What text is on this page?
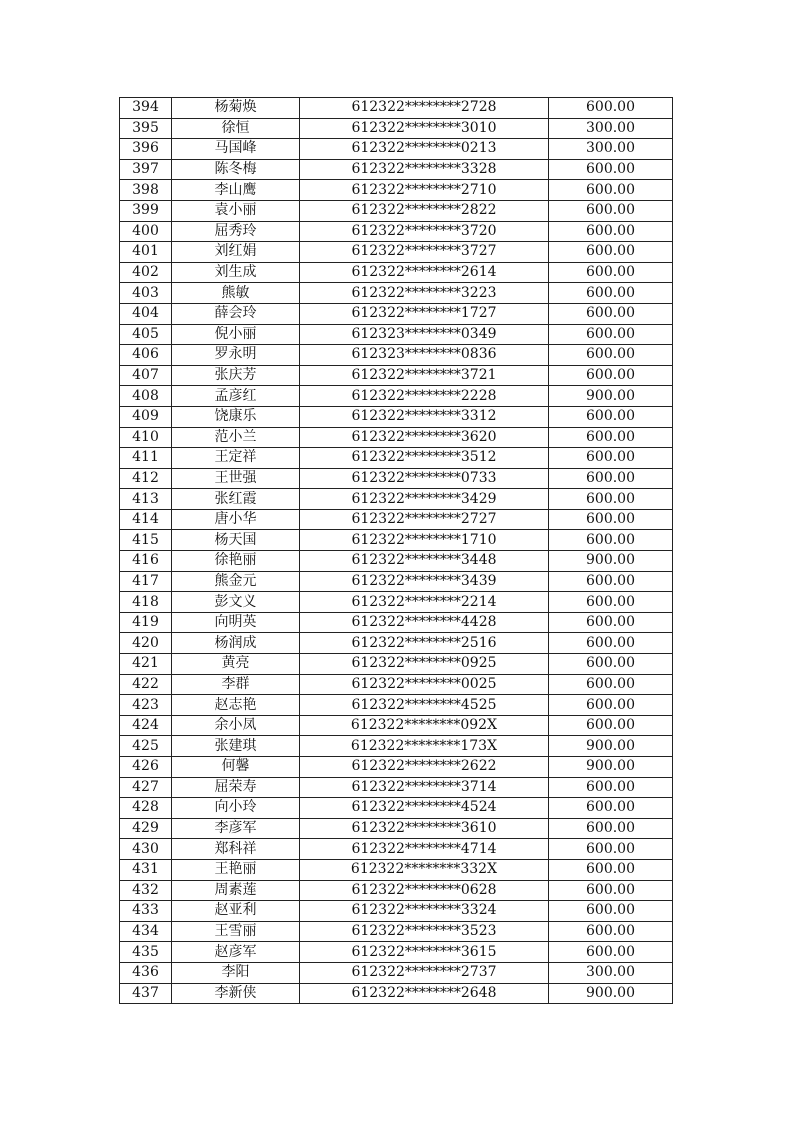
394	杨菊焕	612322********2728	600.00
395	徐恒	612322********3010	300.00
396	马国峰	612322********0213	300.00
397	陈冬梅	612322********3328	600.00
398	李山鹰	612322********2710	600.00
399	袁小丽	612322********2822	600.00
400	屈秀玲	612322********3720	600.00
401	刘红娟	612322********3727	600.00
402	刘生成	612322********2614	600.00
403	熊敏	612322********3223	600.00
404	薛会玲	612322********1727	600.00
405	倪小丽	612323********0349	600.00
406	罗永明	612323********0836	600.00
407	张庆芳	612322********3721	600.00
408	孟彦红	612322********2228	900.00
409	饶康乐	612322********3312	600.00
410	范小兰	612322********3620	600.00
411	王定祥	612322********3512	600.00
412	王世强	612322********0733	600.00
413	张红霞	612322********3429	600.00
414	唐小华	612322********2727	600.00
415	杨天国	612322********1710	600.00
416	徐艳丽	612322********3448	900.00
417	熊金元	612322********3439	600.00
418	彭文义	612322********2214	600.00
419	向明英	612322********4428	600.00
420	杨润成	612322********2516	600.00
421	黄亮	612322********0925	600.00
422	李群	612322********0025	600.00
423	赵志艳	612322********4525	600.00
424	余小凤	612322********092X	600.00
425	张建琪	612322********173X	900.00
426	何馨	612322********2622	900.00
427	屈荣寿	612322********3714	600.00
428	向小玲	612322********4524	600.00
429	李彦军	612322********3610	600.00
430	郑科祥	612322********4714	600.00
431	王艳丽	612322********332X	600.00
432	周素莲	612322********0628	600.00
433	赵亚利	612322********3324	600.00
434	王雪丽	612322********3523	600.00
435	赵彦军	612322********3615	600.00
436	李阳	612322********2737	300.00
437	李新侠	612322********2648	900.00
